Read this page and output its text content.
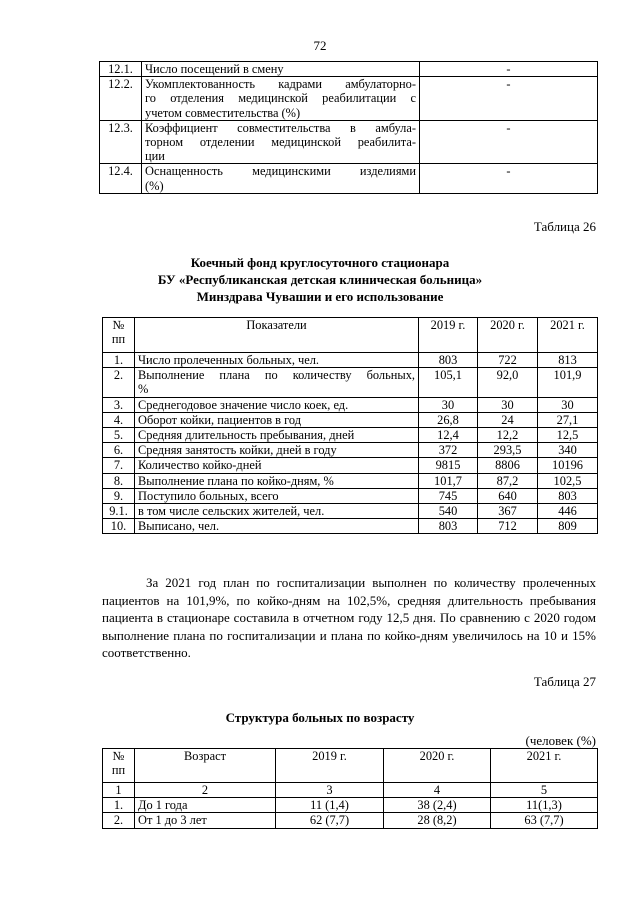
72
12.1.	Число посещений в смену	-
12.2.	Укомплектованность кадрами амбулаторно-
го отделения медицинской реабилитации с
учетом совместительства (%)	-
12.3.	Коэффициент совместительства в амбула-
торном отделении медицинской реабилита-
ции	-
12.4.	Оснащенность медицинскими изделиями
(%)	-
Таблица 26
Коечный фонд круглосуточного стационара
БУ «Республиканская детская клиническая больница»
Минздрава Чувашии и его использование
№ пп	Показатели	2019 г.	2020 г.	2021 г.
1.	Число пролеченных больных, чел.	803	722	813
2.	Выполнение плана по количеству больных,
%	105,1	92,0	101,9
3.	Среднегодовое значение число коек, ед.	30	30	30
4.	Оборот койки, пациентов в год	26,8	24	27,1
5.	Средняя длительность пребывания, дней	12,4	12,2	12,5
6.	Средняя занятость койки, дней в году	372	293,5	340
7.	Количество койко-дней	9815	8806	10196
8.	Выполнение плана по койко-дням, %	101,7	87,2	102,5
9.	Поступило больных, всего	745	640	803
9.1.	в том числе сельских жителей, чел.	540	367	446
10.	Выписано, чел.	803	712	809
За 2021 год план по госпитализации выполнен по количеству пролеченных пациентов на 101,9%, по койко-дням на 102,5%, средняя длительность пребывания пациента в стационаре составила в отчетном году 12,5 дня. По сравнению с 2020 годом выполнение плана по госпитализации и плана по койко-дням увеличилось на 10 и 15% соответственно.
Таблица 27
Структура больных по возрасту
(человек (%)
№ пп	Возраст	2019 г.	2020 г.	2021 г.
1	2	3	4	5
1.	До 1 года	11 (1,4)	38 (2,4)	11(1,3)
2.	От 1 до 3 лет	62 (7,7)	28 (8,2)	63 (7,7)
